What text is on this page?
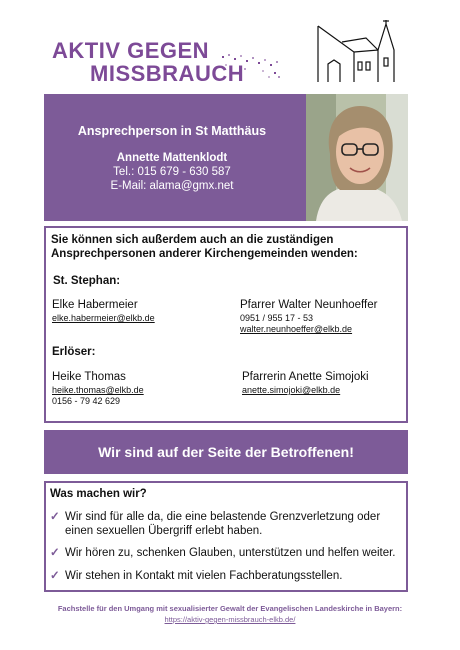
AKTIV GEGEN
MISSBRAUCH
Ansprechperson in St Matthäus
Annette Mattenklodt
Tel.: 015 679 - 630 587
E-Mail: alama@gmx.net
Sie können sich außerdem auch an die zuständigen Ansprechpersonen anderer Kirchengemeinden wenden:
St. Stephan:
Elke Habermeier
elke.habermeier@elkb.de
Pfarrer Walter Neunhoeffer
0951 / 955 17 - 53
walter.neunhoeffer@elkb.de
Erlöser:
Heike Thomas
heike.thomas@elkb.de
0156 - 79 42 629
Pfarrerin Anette Simojoki
anette.simojoki@elkb.de
Wir sind auf der Seite der Betroffenen!
Was machen wir?
✓ Wir sind für alle da, die eine belastende Grenzverletzung oder einen sexuellen Übergriff erlebt haben.
✓ Wir hören zu, schenken Glauben, unterstützen und helfen weiter.
✓ Wir stehen in Kontakt mit vielen Fachberatungsstellen.
Fachstelle für den Umgang mit sexualisierter Gewalt der Evangelischen Landeskirche in Bayern:
https://aktiv-gegen-missbrauch-elkb.de/
